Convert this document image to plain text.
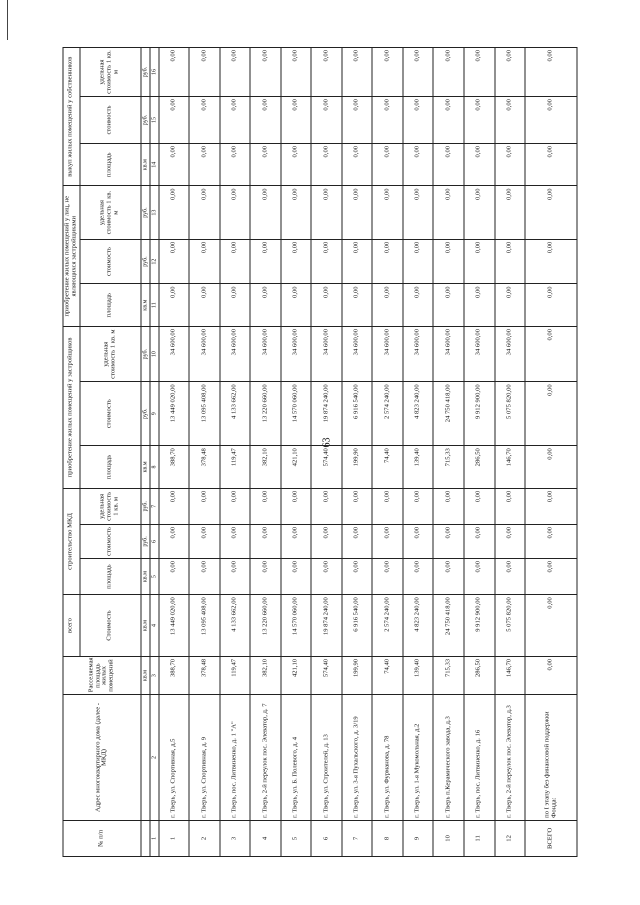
63
№ п/п	Адрес многоквартирного дома (далее - МКД)	Расселяемая площадь жилых помещений	всего	строительство МКД			приобретение жилых помещений у застройщиков			приобретение жилых помещений у лиц, не являющихся застройщиками			выкуп жилых помещений у собственников		
			Стоимость	площадь	стоимость	удельная стоимость 1 кв. м	площадь	стоимость	удельная стоимость 1 кв. м	площадь	стоимость	удельная стоимость 1 кв. м	площадь	стоимость	удельная стоимость 1 кв. м
		кв.м	кв.м	кв.м	руб.	руб.	кв.м	руб.	руб.	кв.м	руб.	руб.	кв.м	руб.	руб.
1	2	3	4	5	6	7	8	9	10	11	12	13	14	15	16
1	г. Тверь, ул. Спортивная, д.5	388,70	13 449 020,00	0,00	0,00	0,00	388,70	13 449 020,00	34 600,00	0,00	0,00	0,00	0,00	0,00	0,00
2	г. Тверь, ул. Спортивная, д. 9	378,48	13 095 408,00	0,00	0,00	0,00	378,48	13 095 408,00	34 600,00	0,00	0,00	0,00	0,00	0,00	0,00
3	г. Тверь, пос. Литвиненко, д. 1 "А"	119,47	4 133 662,00	0,00	0,00	0,00	119,47	4 133 662,00	34 600,00	0,00	0,00	0,00	0,00	0,00	0,00
4	г. Тверь, 2-й переулок пос. Элеватор, д. 7	382,10	13 220 660,00	0,00	0,00	0,00	382,10	13 220 660,00	34 600,00	0,00	0,00	0,00	0,00	0,00	0,00
5	г. Тверь, ул. Б. Полевого, д. 4	421,10	14 570 060,00	0,00	0,00	0,00	421,10	14 570 060,00	34 600,00	0,00	0,00	0,00	0,00	0,00	0,00
6	г. Тверь, ул. Строителей, д. 13	574,40	19 874 240,00	0,00	0,00	0,00	574,40	19 874 240,00	34 600,00	0,00	0,00	0,00	0,00	0,00	0,00
7	г. Тверь, ул. 3-я Пухальского, д. 3/19	199,90	6 916 540,00	0,00	0,00	0,00	199,90	6 916 540,00	34 600,00	0,00	0,00	0,00	0,00	0,00	0,00
8	г. Тверь, ул. Фурманова, д. 78	74,40	2 574 240,00	0,00	0,00	0,00	74,40	2 574 240,00	34 600,00	0,00	0,00	0,00	0,00	0,00	0,00
9	г. Тверь, ул. 1-я Мукомольная, д.2	139,40	4 823 240,00	0,00	0,00	0,00	139,40	4 823 240,00	34 600,00	0,00	0,00	0,00	0,00	0,00	0,00
10	г. Тверь п.Керамического завода, д.3	715,33	24 750 418,00	0,00	0,00	0,00	715,33	24 750 418,00	34 600,00	0,00	0,00	0,00	0,00	0,00	0,00
11	г. Тверь, пос. Литвиненко, д. 16	286,50	9 912 900,00	0,00	0,00	0,00	286,50	9 912 900,00	34 600,00	0,00	0,00	0,00	0,00	0,00	0,00
12	г. Тверь, 2-й переулок пос. Элеватор, д.3	146,70	5 075 820,00	0,00	0,00	0,00	146,70	5 075 820,00	34 600,00	0,00	0,00	0,00	0,00	0,00	0,00
ВСЕГО	по I этапу без финансовой поддержки Фонда:	0,00	0,00	0,00	0,00	0,00	0,00	0,00	0,00	0,00	0,00	0,00	0,00	0,00	0,00
